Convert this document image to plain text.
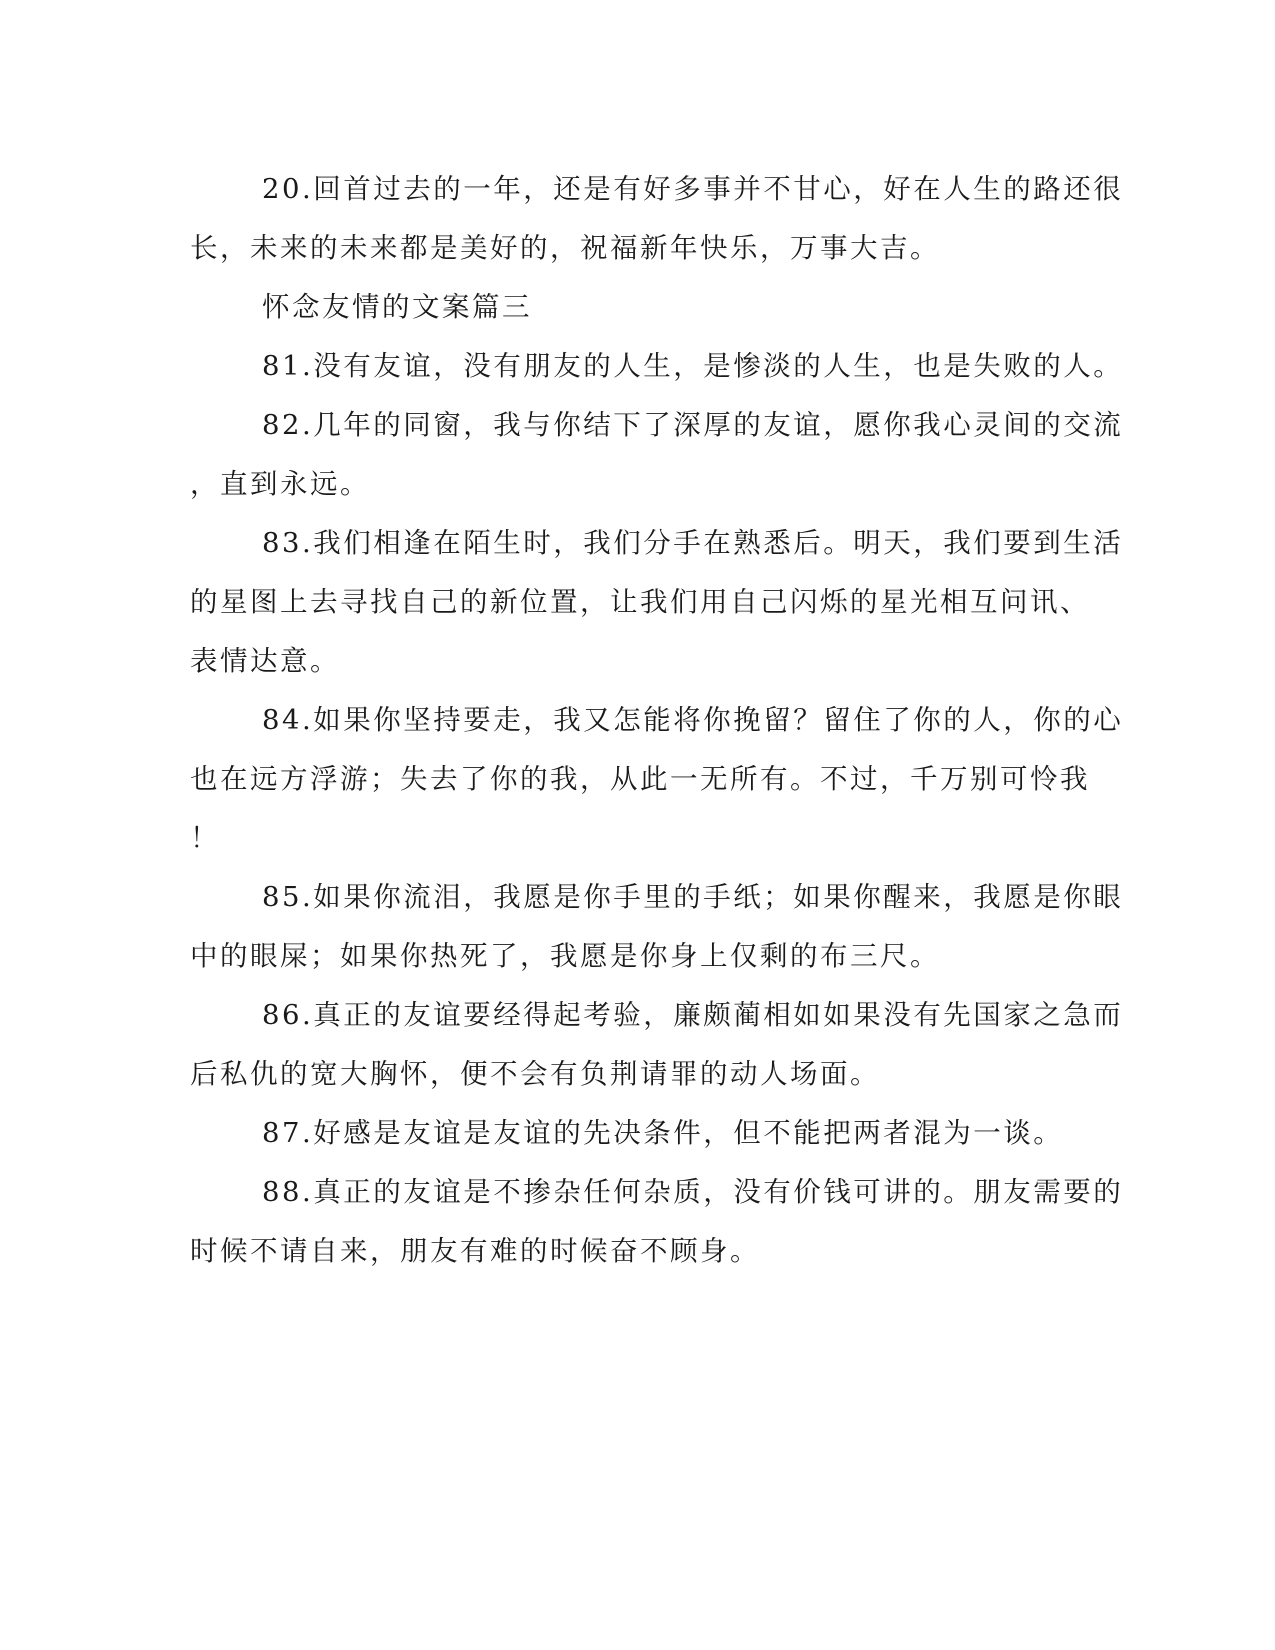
20.回首过去的一年，还是有好多事并不甘心，好在人生的路还很
长，未来的未来都是美好的，祝福新年快乐，万事大吉。
怀念友情的文案篇三
81.没有友谊，没有朋友的人生，是惨淡的人生，也是失败的人。
82.几年的同窗，我与你结下了深厚的友谊，愿你我心灵间的交流
，直到永远。
83.我们相逢在陌生时，我们分手在熟悉后。明天，我们要到生活
的星图上去寻找自己的新位置，让我们用自己闪烁的星光相互问讯、
表情达意。
84.如果你坚持要走，我又怎能将你挽留？留住了你的人，你的心
也在远方浮游；失去了你的我，从此一无所有。不过，千万别可怜我
！
85.如果你流泪，我愿是你手里的手纸；如果你醒来，我愿是你眼
中的眼屎；如果你热死了，我愿是你身上仅剩的布三尺。
86.真正的友谊要经得起考验，廉颇蔺相如如果没有先国家之急而
后私仇的宽大胸怀，便不会有负荆请罪的动人场面。
87.好感是友谊是友谊的先决条件，但不能把两者混为一谈。
88.真正的友谊是不掺杂任何杂质，没有价钱可讲的。朋友需要的
时候不请自来，朋友有难的时候奋不顾身。
